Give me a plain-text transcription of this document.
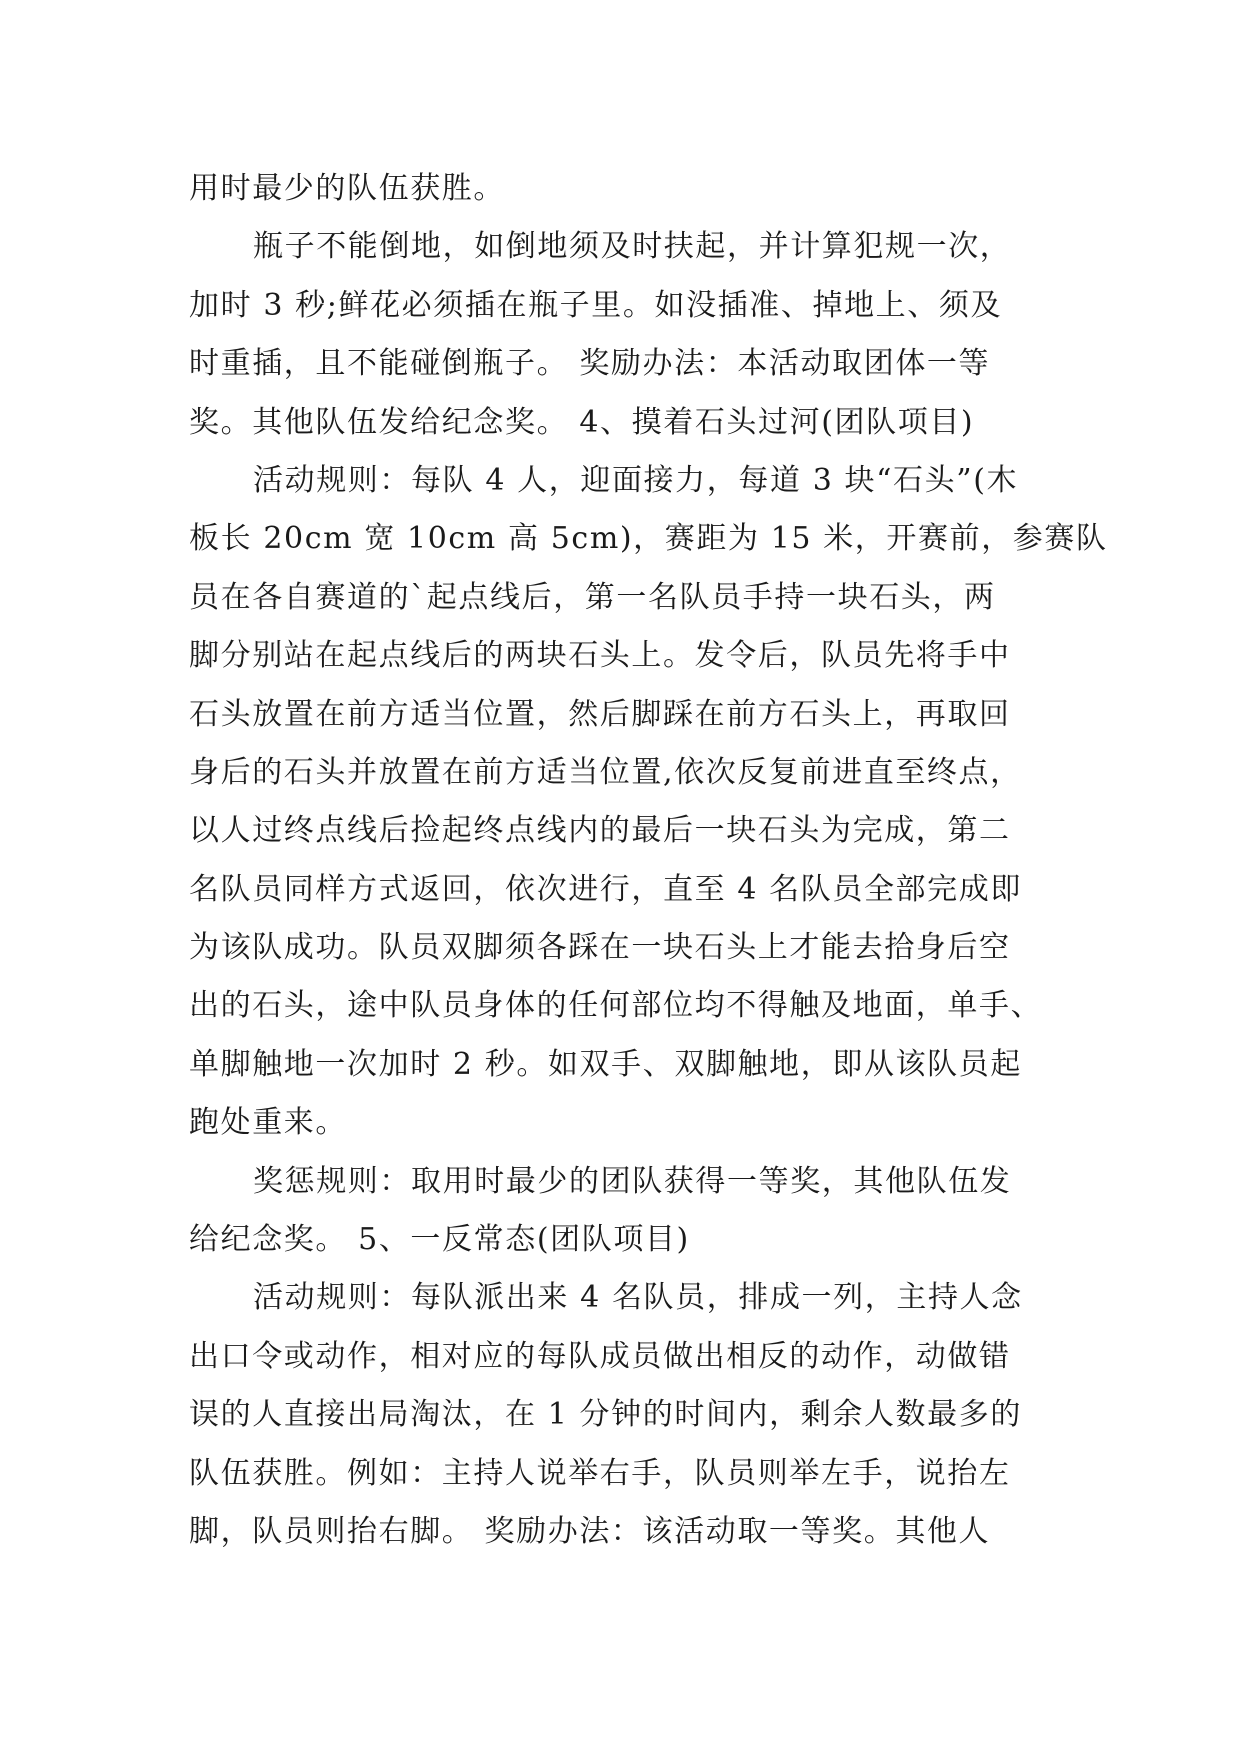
用时最少的队伍获胜。
瓶子不能倒地，如倒地须及时扶起，并计算犯规一次，
加时 3 秒;鲜花必须插在瓶子里。如没插准、掉地上、须及
时重插，且不能碰倒瓶子。 奖励办法：本活动取团体一等
奖。其他队伍发给纪念奖。 4、摸着石头过河(团队项目)
活动规则：每队 4 人，迎面接力，每道 3 块“石头”(木
板长 20cm 宽 10cm 高 5cm)，赛距为 15 米，开赛前，参赛队
员在各自赛道的`起点线后，第一名队员手持一块石头，两
脚分别站在起点线后的两块石头上。发令后，队员先将手中
石头放置在前方适当位置，然后脚踩在前方石头上，再取回
身后的石头并放置在前方适当位置,依次反复前进直至终点，
以人过终点线后捡起终点线内的最后一块石头为完成，第二
名队员同样方式返回，依次进行，直至 4 名队员全部完成即
为该队成功。队员双脚须各踩在一块石头上才能去拾身后空
出的石头，途中队员身体的任何部位均不得触及地面，单手、
单脚触地一次加时 2 秒。如双手、双脚触地，即从该队员起
跑处重来。
奖惩规则：取用时最少的团队获得一等奖，其他队伍发
给纪念奖。 5、一反常态(团队项目)
活动规则：每队派出来 4 名队员，排成一列，主持人念
出口令或动作，相对应的每队成员做出相反的动作，动做错
误的人直接出局淘汰，在 1 分钟的时间内，剩余人数最多的
队伍获胜。例如：主持人说举右手，队员则举左手，说抬左
脚，队员则抬右脚。 奖励办法：该活动取一等奖。其他人
